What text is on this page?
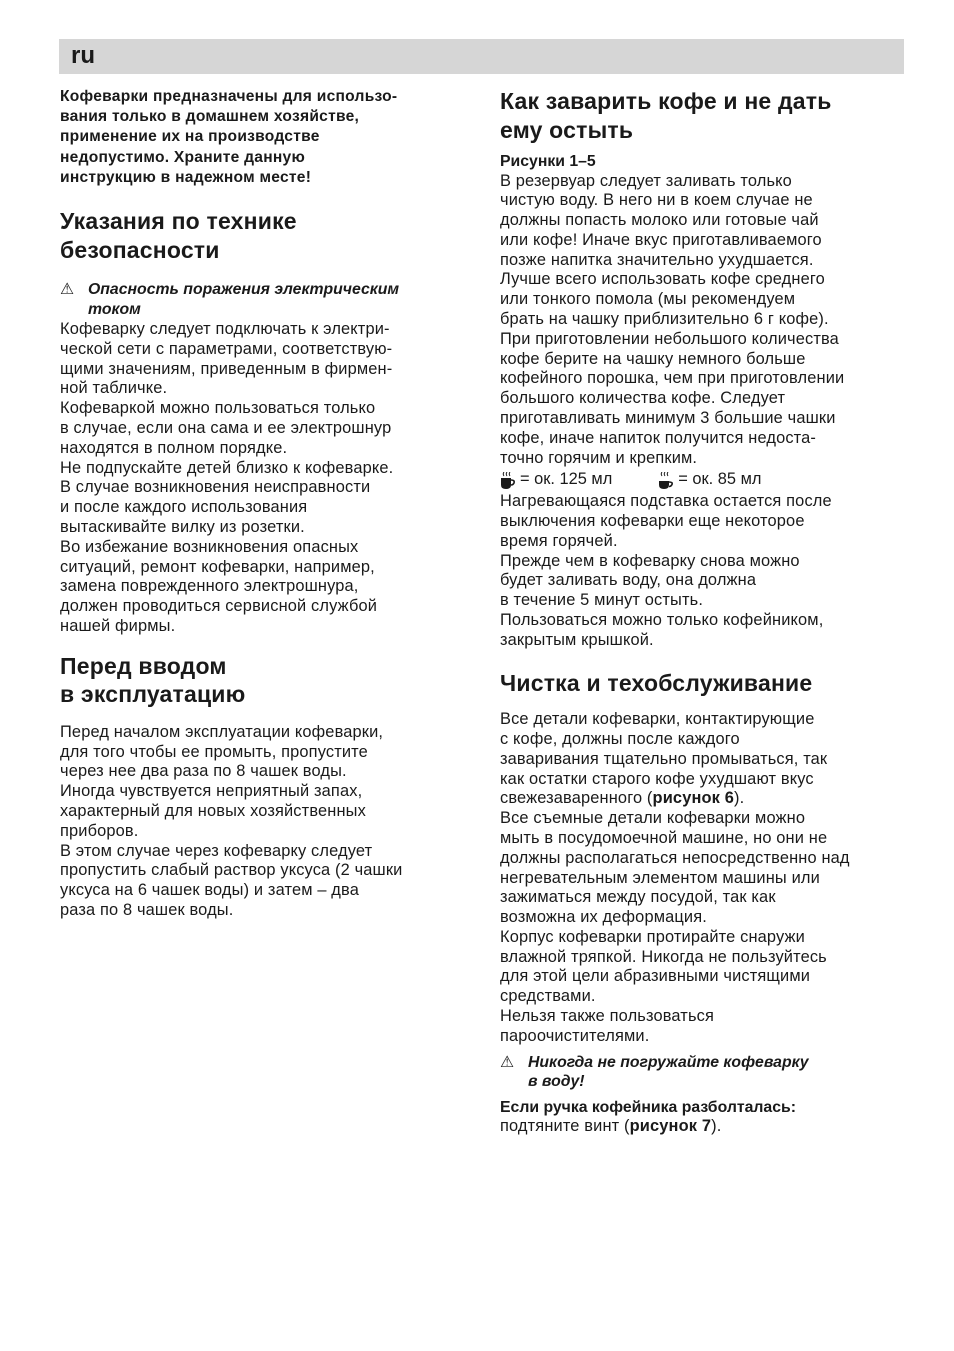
ru

Кофеварки предназначены для использо-
вания только в домашнем хозяйстве,
применение их на производстве
недопустимо. Храните данную
инструкцию в надежном месте!

Указания по технике
безопасности

⚠ Опасность поражения электрическим
током

Кофеварку следует подключать к электри-
ческой сети с параметрами, соответствую-
щими значениям, приведенным в фирмен-
ной табличке.
Кофеваркой можно пользоваться только
в случае, если она сама и ее электрошнур
находятся в полном порядке.
Не подпускайте детей близко к кофеварке.
В случае возникновения неисправности
и после каждого использования
вытаскивайте вилку из розетки.
Во избежание возникновения опасных
ситуаций, ремонт кофеварки, например,
замена поврежденного электрошнура,
должен проводиться сервисной службой
нашей фирмы.

Перед вводом
в эксплуатацию

Перед началом эксплуатации кофеварки,
для того чтобы ее промыть, пропустите
через нее два раза по 8 чашек воды.
Иногда чувствуется неприятный запах,
характерный для новых хозяйственных
приборов.
В этом случае через кофеварку следует
пропустить слабый раствор уксуса (2 чашки
уксуса на 6 чашек воды) и затем – два
раза по 8 чашек воды.

Как заварить кофе и не дать
ему остыть

Рисунки 1–5

В резервуар следует заливать только
чистую воду. В него ни в коем случае не
должны попасть молоко или готовые чай
или кофе! Иначе вкус приготавливаемого
позже напитка значительно ухудшается.
Лучше всего использовать кофе среднего
или тонкого помола (мы рекомендуем
брать на чашку приблизительно 6 г кофе).
При приготовлении небольшого количества
кофе берите на чашку немного больше
кофейного порошка, чем при приготовлении
большого количества кофе. Следует
приготавливать минимум 3 большие чашки
кофе, иначе напиток получится недоста-
точно горячим и крепким.

= ок. 125 мл	= ок. 85 мл

Нагревающаяся подставка остается после
выключения кофеварки еще некоторое
время горячей.
Прежде чем в кофеварку снова можно
будет заливать воду, она должна
в течение 5 минут остыть.
Пользоваться можно только кофейником,
закрытым крышкой.

Чистка и техобслуживание

Все детали кофеварки, контактирующие
с кофе, должны после каждого
заваривания тщательно промываться, так
как остатки старого кофе ухудшают вкус
свежезаваренного (рисунок 6).

Все съемные детали кофеварки можно
мыть в посудомоечной машине, но они не
должны располагаться непосредственно над
негревательным элементом машины или
зажиматься между посудой, так как
возможна их деформация.
Корпус кофеварки протирайте снаружи
влажной тряпкой. Никогда не пользуйтесь
для этой цели абразивными чистящими
средствами.
Нельзя также пользоваться
пароочистителями.

⚠ Никогда не погружайте кофеварку
в воду!

Если ручка кофейника разболталась:

подтяните винт (рисунок 7).
